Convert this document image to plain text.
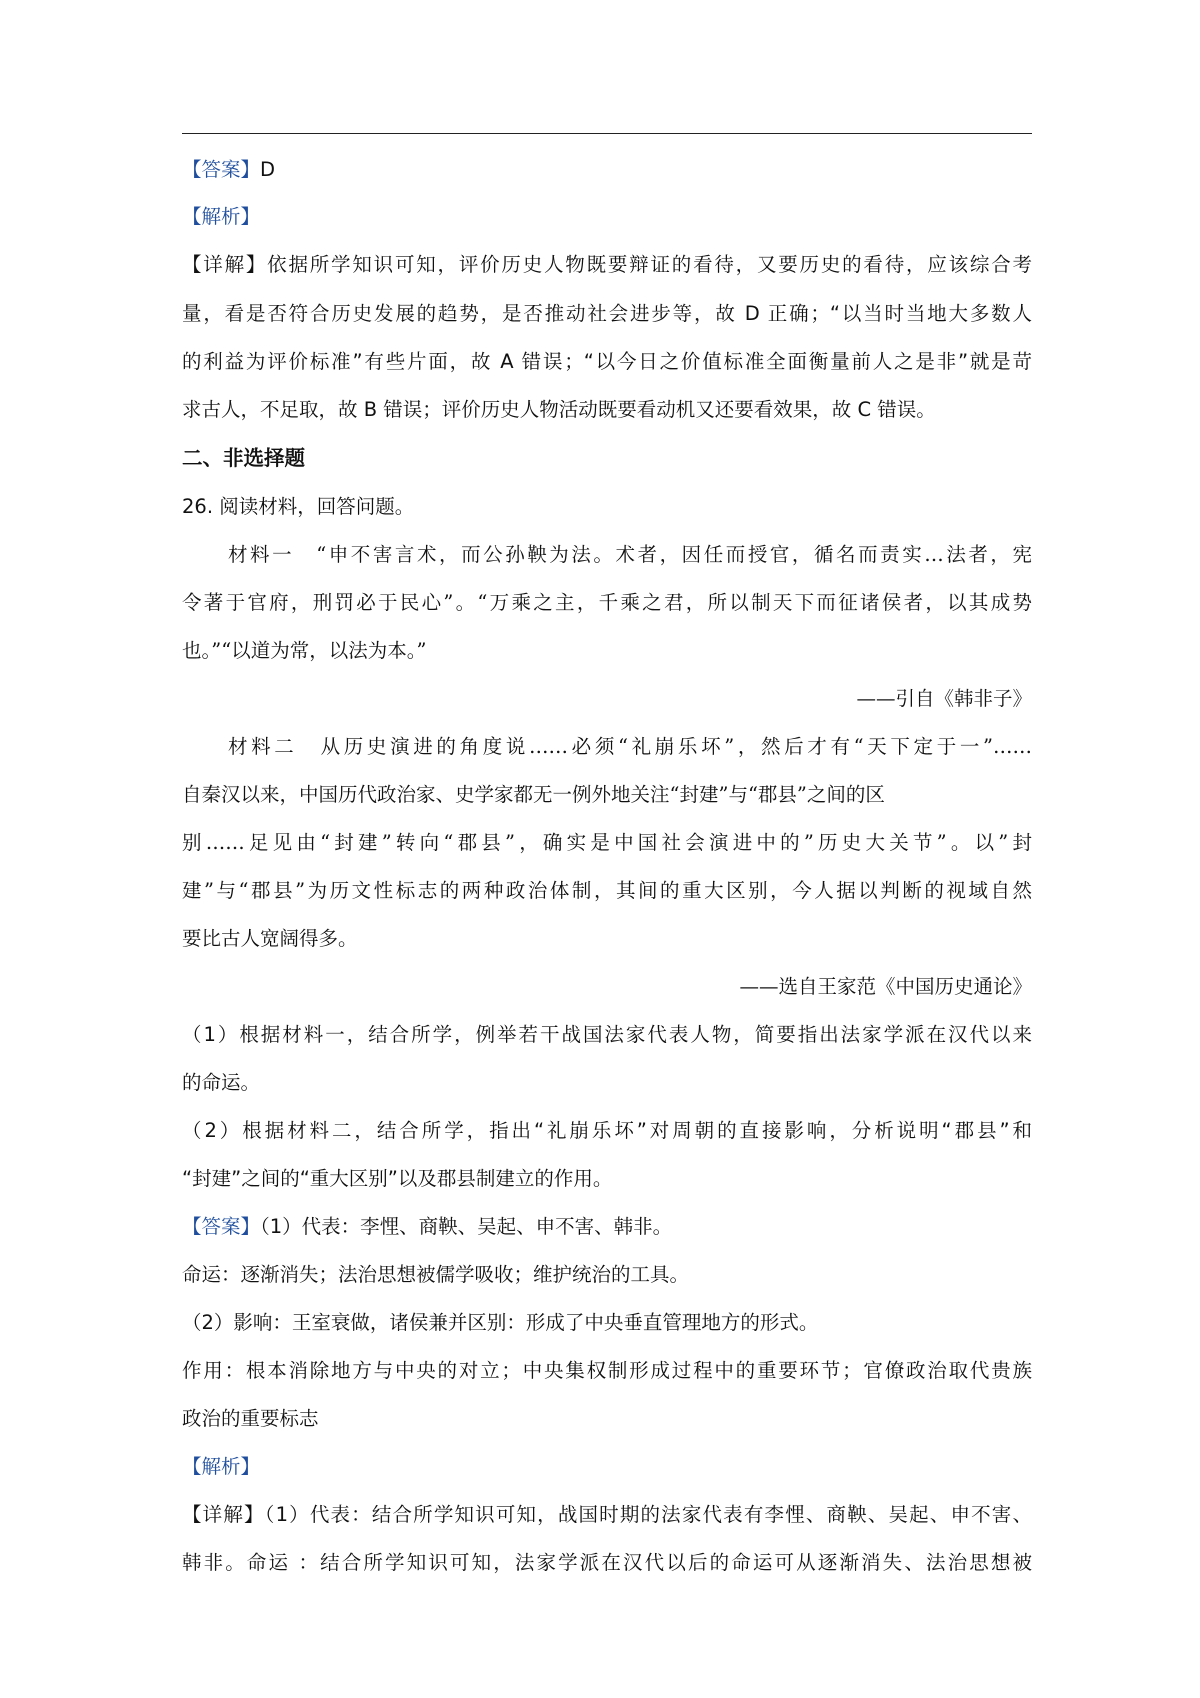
【答案】D
【解析】
【详解】依据所学知识可知，评价历史人物既要辩证的看待，又要历史的看待，应该综合考
量，看是否符合历史发展的趋势，是否推动社会进步等，故 D 正确；“以当时当地大多数人
的利益为评价标准”有些片面，故 A 错误；“以今日之价值标准全面衡量前人之是非”就是苛
求古人，不足取，故 B 错误；评价历史人物活动既要看动机又还要看效果，故 C 错误。
二、非选择题
26. 阅读材料，回答问题。
材料一　“申不害言术，而公孙鞅为法。术者，因任而授官，循名而责实…法者，宪
令著于官府，刑罚必于民心”。“万乘之主，千乘之君，所以制天下而征诸侯者，以其成势
也。”“以道为常，以法为本。”
——引自《韩非子》
材料二　从历史演进的角度说……必须“礼崩乐坏”，然后才有“天下定于一”……
自秦汉以来，中国历代政治家、史学家都无一例外地关注“封建”与“郡县”之间的区
别……足见由“封建”转向“郡县”，确实是中国社会演进中的”历史大关节”。以”封
建”与“郡县”为历文性标志的两种政治体制，其间的重大区别，今人据以判断的视域自然
要比古人宽阔得多。
——选自王家范《中国历史通论》
（1）根据材料一，结合所学，例举若干战国法家代表人物，简要指出法家学派在汉代以来
的命运。
（2）根据材料二，结合所学，指出“礼崩乐坏”对周朝的直接影响，分析说明“郡县”和
“封建”之间的“重大区别”以及郡县制建立的作用。
【答案】（1）代表：李悝、商鞅、吴起、申不害、韩非。
命运：逐渐消失；法治思想被儒学吸收；维护统治的工具。
（2）影响：王室衰做，诸侯兼并区别：形成了中央垂直管理地方的形式。
作用：根本消除地方与中央的对立；中央集权制形成过程中的重要环节；官僚政治取代贵族
政治的重要标志
【解析】
【详解】（1）代表：结合所学知识可知，战国时期的法家代表有李悝、商鞅、吴起、申不害、
韩非。命运 ：结合所学知识可知，法家学派在汉代以后的命运可从逐渐消失、法治思想被
